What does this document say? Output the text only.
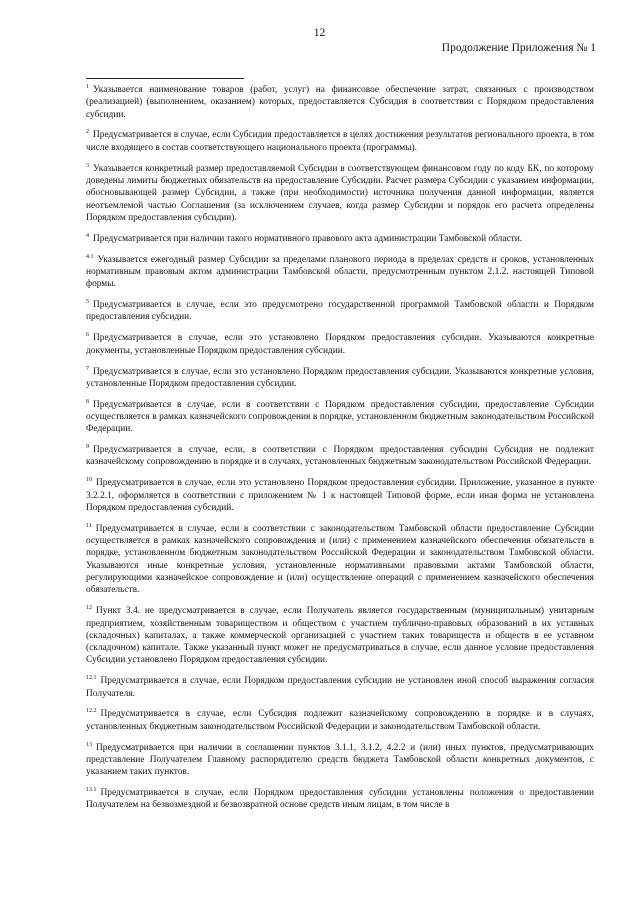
12
Продолжение Приложения № 1

$^1$ Указывается наименование товаров (работ, услуг) на финансовое обеспечение затрат, связанных с производством (реализацией) (выполнением, оказанием) которых, предоставляется Субсидия в соответствии с Порядком предоставления субсидии.

$^2$ Предусматривается в случае, если Субсидия предоставляется в целях достижения результатов регионального проекта, в том числе входящего в состав соответствующего национального проекта (программы).

$^3$ Указывается конкретный размер предоставляемой Субсидии в соответствующем финансовом году по коду БК, по которому доведены лимиты бюджетных обязательств на предоставление Субсидии. Расчет размера Субсидии с указанием информации, обосновывающей размер Субсидии, а также (при необходимости) источника получения данной информации, является неотъемлемой частью Соглашения (за исключением случаев, когда размер Субсидии и порядок его расчета определены Порядком предоставления субсидии).

$^4$ Предусматривается при наличии такого нормативного правового акта администрации Тамбовской области.

$^{4.1}$ Указывается ежегодный размер Субсидии за пределами планового периода в пределах средств и сроков, установленных нормативным правовым актом администрации Тамбовской области, предусмотренным пунктом 2.1.2. настоящей Типовой формы.

$^5$ Предусматривается в случае, если это предусмотрено государственной программой Тамбовской области и Порядком предоставления субсидии.

$^6$ Предусматривается в случае, если это установлено Порядком предоставления субсидии. Указываются конкретные документы, установленные Порядком предоставления субсидии.

$^7$ Предусматривается в случае, если это установлено Порядком предоставления субсидии. Указываются конкретные условия, установленные Порядком предоставления субсидии.

$^8$ Предусматривается в случае, если в соответствии с Порядком предоставления субсидии, предоставление Субсидии осуществляется в рамках казначейского сопровождения в порядке, установленном бюджетным законодательством Российской Федерации.

$^9$ Предусматривается в случае, если, в соответствии с Порядком предоставления субсидии Субсидия не подлежит казначейскому сопровождению в порядке и в случаях, установленных бюджетным законодательством Российской Федерации.

$^{10}$ Предусматривается в случае, если это установлено Порядком предоставления субсидии. Приложение, указанное в пункте 3.2.2.1, оформляется в соответствии с приложением № 1 к настоящей Типовой форме, если иная форма не установлена Порядком предоставления субсидий.

$^{11}$ Предусматривается в случае, если в соответствии с законодательством Тамбовской области предоставление Субсидии осуществляется в рамках казначейского сопровождения и (или) с применением казначейского обеспечения обязательств в порядке, установленном бюджетным законодательством Российской Федерации и законодательством Тамбовской области. Указываются иные конкретные условия, установленные нормативными правовыми актами Тамбовской области, регулирующими казначейское сопровождение и (или) осуществление операций с применением казначейского обеспечения обязательств.

$^{12}$ Пункт 3.4. не предусматривается в случае, если Получатель является государственным (муниципальным) унитарным предприятием, хозяйственным товариществом и обществом с участием публично-правовых образований в их уставных (складочных) капиталах, а также коммерческой организацией с участием таких товариществ и обществ в ее уставном (складочном) капитале. Также указанный пункт может не предусматриваться в случае, если данное условие предоставления Субсидии установлено Порядком предоставления субсидии.

$^{12.1}$ Предусматривается в случае, если Порядком предоставления субсидии не установлен иной способ выражения согласия Получателя.

$^{12.2}$ Предусматривается в случае, если Субсидия подлежит казначейскому сопровождению в порядке и в случаях, установленных бюджетным законодательством Российской Федерации и законодательством Тамбовской области.

$^{13}$ Предусматривается при наличии в соглашении пунктов 3.1.1, 3.1.2, 4.2.2 и (или) иных пунктов, предусматривающих представление Получателем Главному распорядителю средств бюджета Тамбовской области конкретных документов, с указанием таких пунктов.

$^{13.1}$ Предусматривается в случае, если Порядком предоставления субсидии установлены положения о предоставлении Получателем на безвозмездной и безвозвратной основе средств иным лицам, в том числе в
